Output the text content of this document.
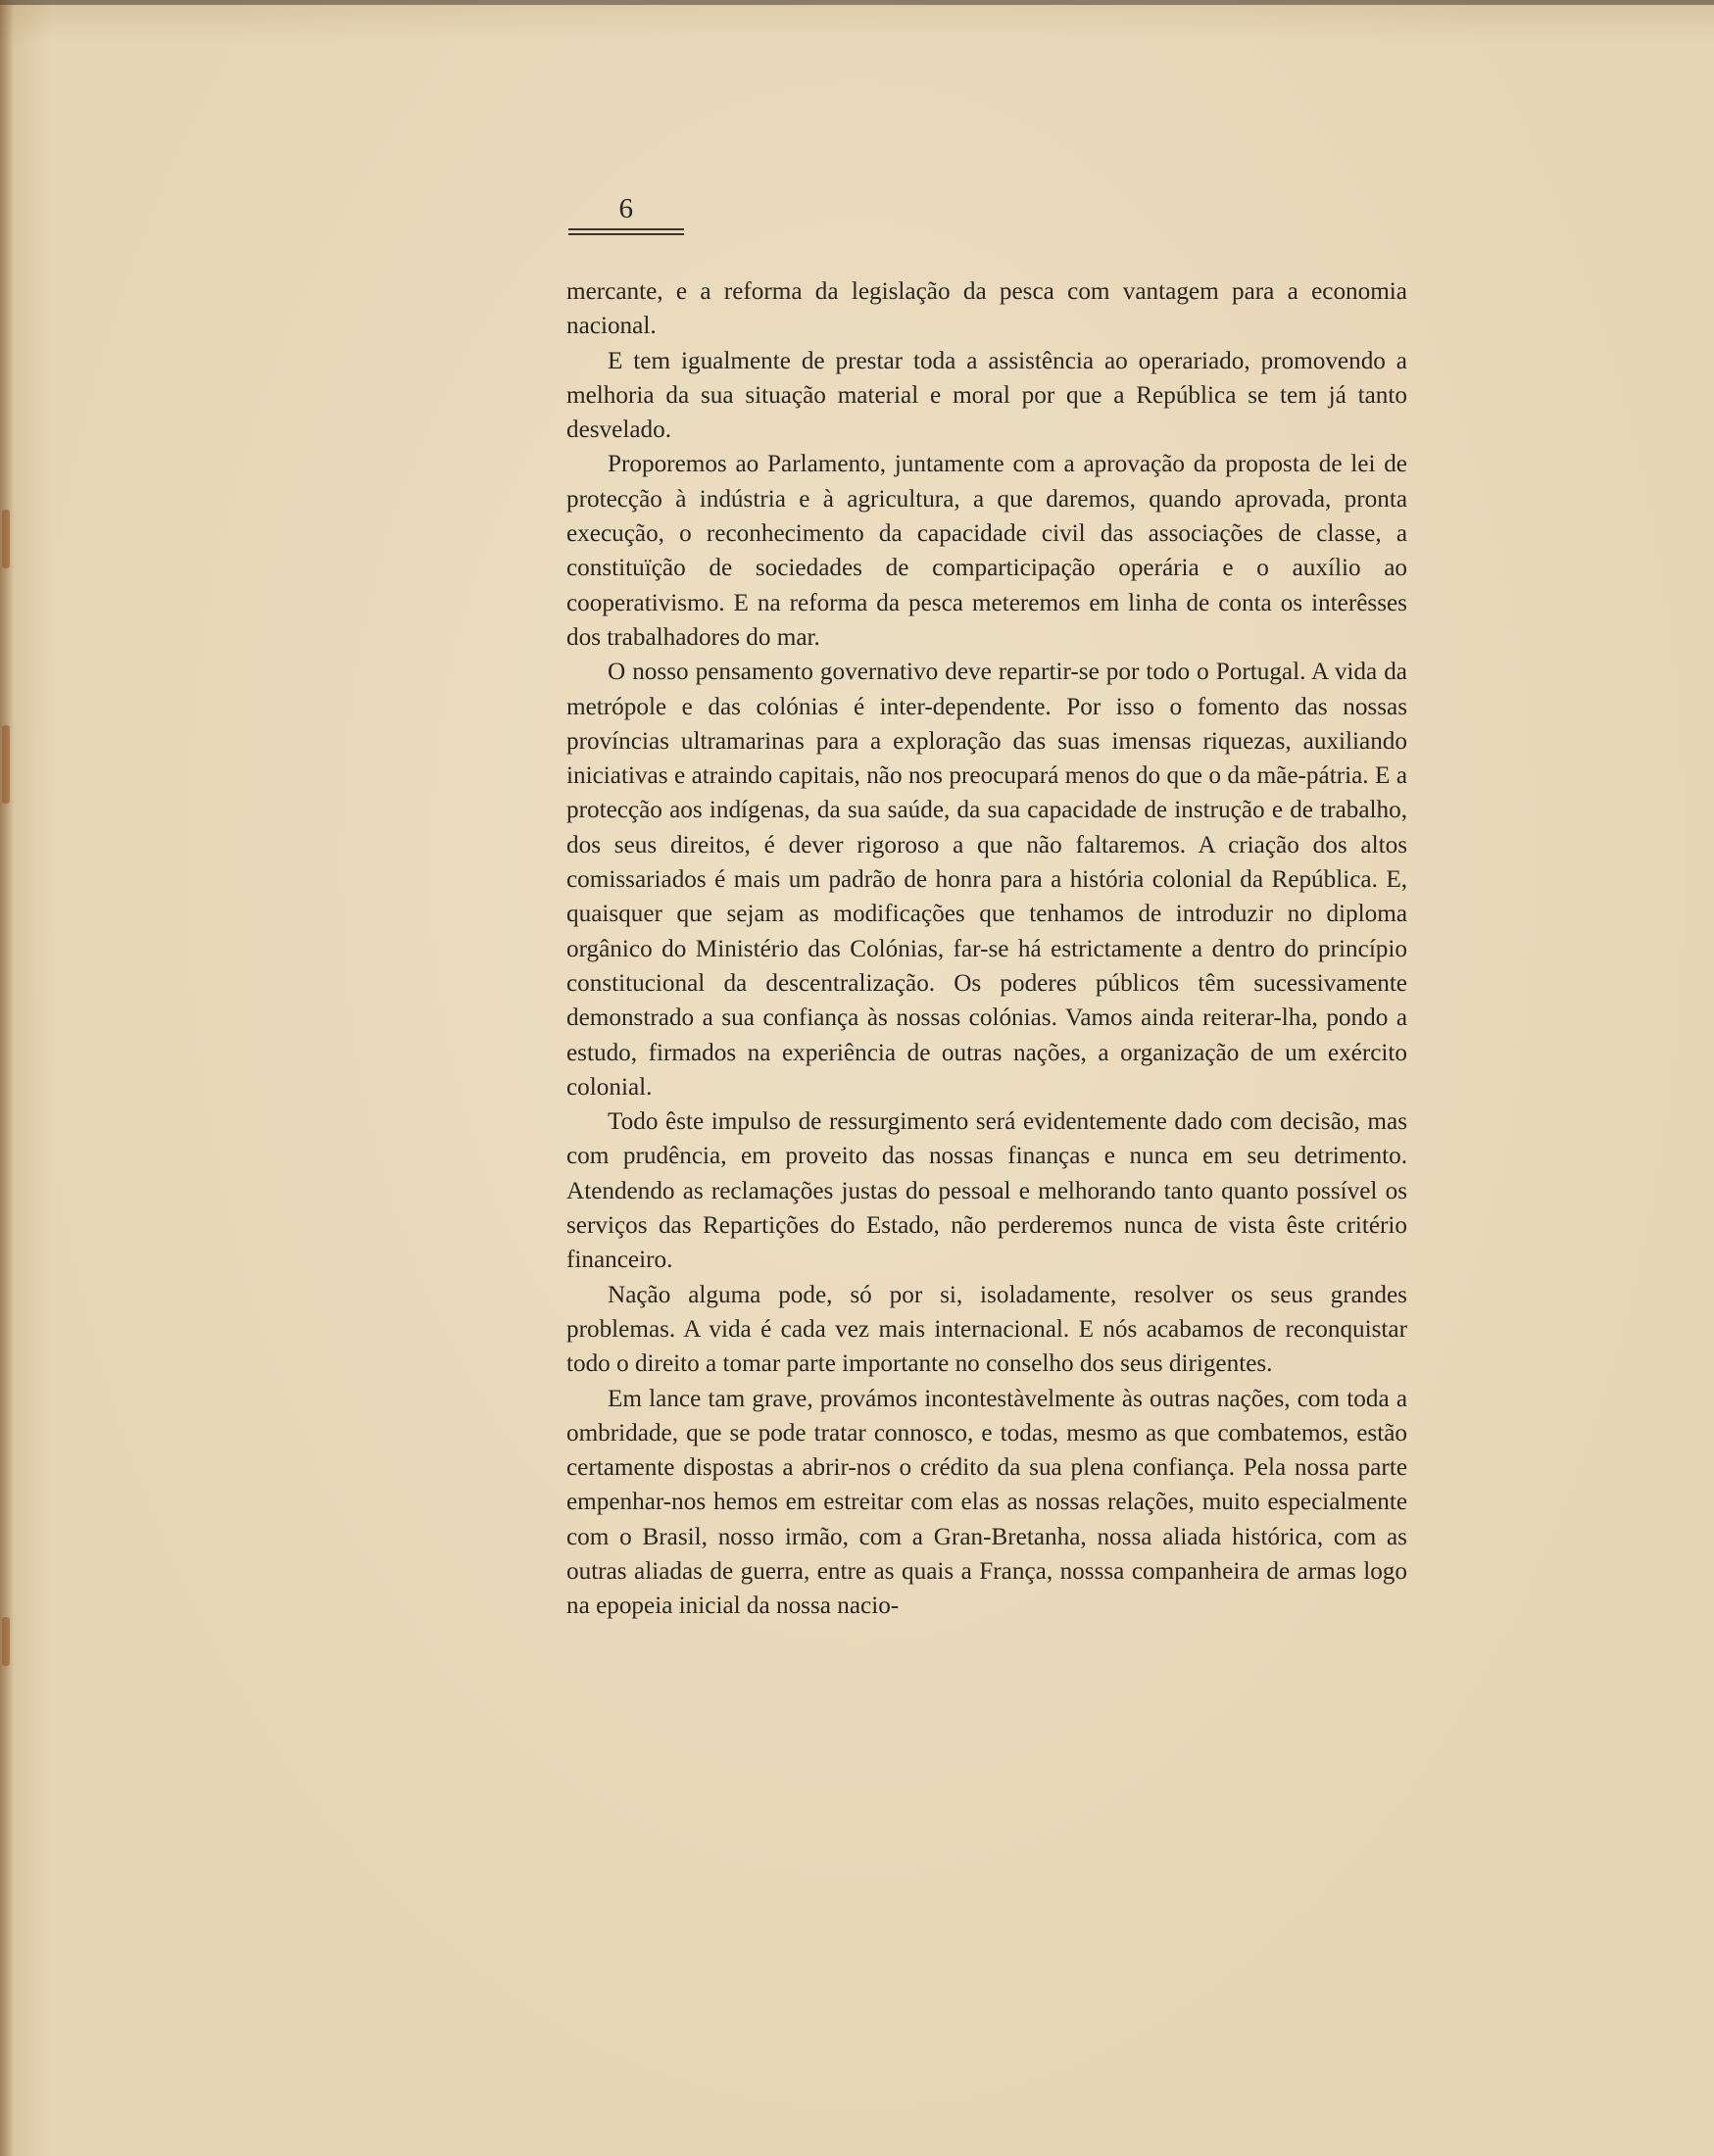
6

mercante, e a reforma da legislação da pesca com vantagem para a economia nacional.

E tem igualmente de prestar toda a assistência ao operariado, promovendo a melhoria da sua situação material e moral por que a República se tem já tanto desvelado.

Proporemos ao Parlamento, juntamente com a aprovação da proposta de lei de protecção à indústria e à agricultura, a que daremos, quando aprovada, pronta execução, o reconhecimento da capacidade civil das associações de classe, a constituïção de sociedades de comparticipação operária e o auxílio ao cooperativismo. E na reforma da pesca meteremos em linha de conta os interêsses dos trabalhadores do mar.

O nosso pensamento governativo deve repartir-se por todo o Portugal. A vida da metrópole e das colónias é inter-dependente. Por isso o fomento das nossas províncias ultramarinas para a exploração das suas imensas riquezas, auxiliando iniciativas e atraindo capitais, não nos preocupará menos do que o da mãe-pátria. E a protecção aos indígenas, da sua saúde, da sua capacidade de instrução e de trabalho, dos seus direitos, é dever rigoroso a que não faltaremos. A criação dos altos comissariados é mais um padrão de honra para a história colonial da República. E, quaisquer que sejam as modificações que tenhamos de introduzir no diploma orgânico do Ministério das Colónias, far-se há estrictamente a dentro do princípio constitucional da descentralização. Os poderes públicos têm sucessivamente demonstrado a sua confiança às nossas colónias. Vamos ainda reiterar-lha, pondo a estudo, firmados na experiência de outras nações, a organização de um exército colonial.

Todo êste impulso de ressurgimento será evidentemente dado com decisão, mas com prudência, em proveito das nossas finanças e nunca em seu detrimento. Atendendo as reclamações justas do pessoal e melhorando tanto quanto possível os serviços das Repartições do Estado, não perderemos nunca de vista êste critério financeiro.

Nação alguma pode, só por si, isoladamente, resolver os seus grandes problemas. A vida é cada vez mais internacional. E nós acabamos de reconquistar todo o direito a tomar parte importante no conselho dos seus dirigentes.

Em lance tam grave, provámos incontestàvelmente às outras nações, com toda a ombridade, que se pode tratar connosco, e todas, mesmo as que combatemos, estão certamente dispostas a abrir-nos o crédito da sua plena confiança. Pela nossa parte empenhar-nos hemos em estreitar com elas as nossas relações, muito especialmente com o Brasil, nosso irmão, com a Gran-Bretanha, nossa aliada histórica, com as outras aliadas de guerra, entre as quais a França, nosssa companheira de armas logo na epopeia inicial da nossa nacio-
